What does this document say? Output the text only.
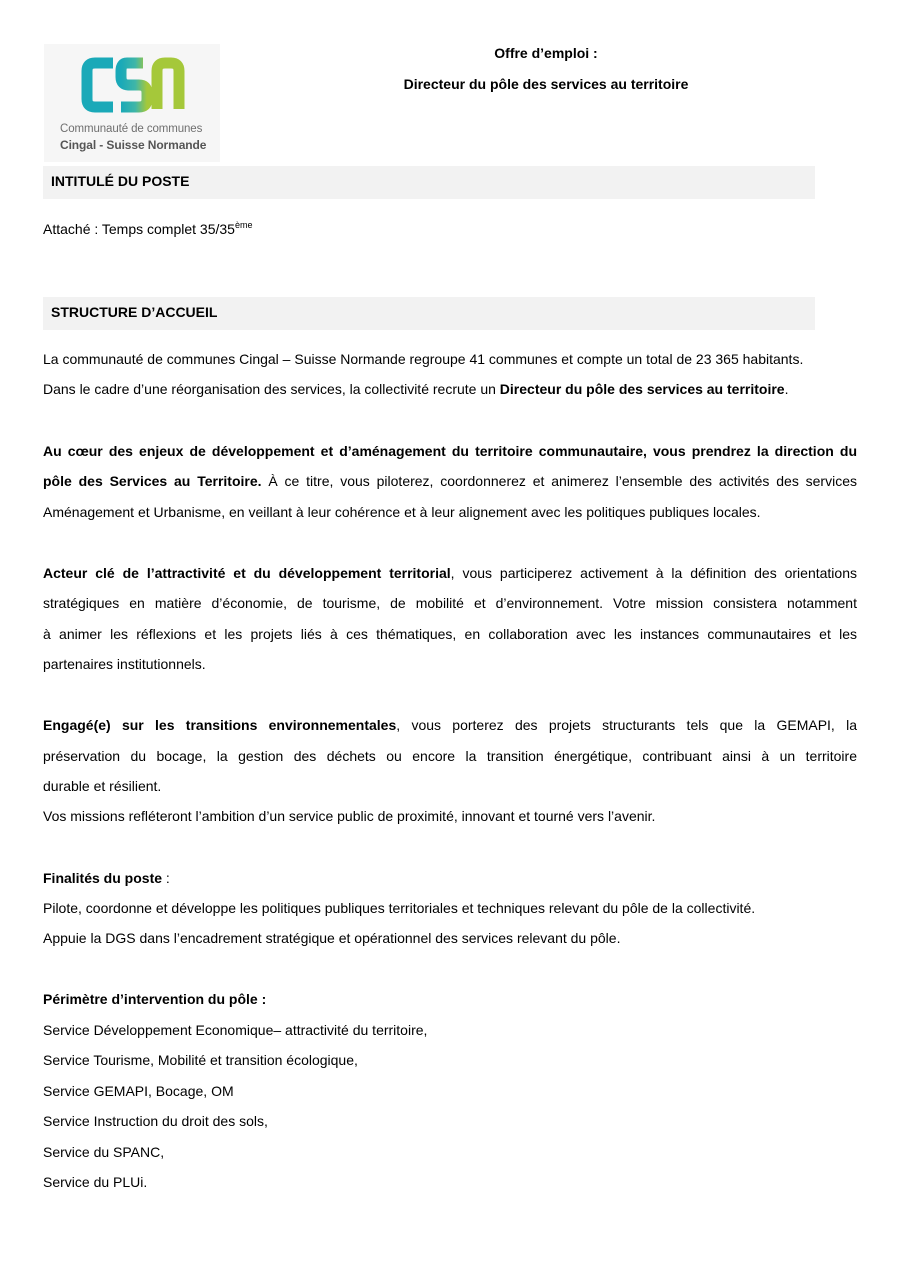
Communauté de communes
Cingal - Suisse Normande
Offre d’emploi :
Directeur du pôle des services au territoire
INTITULÉ DU POSTE
Attaché : Temps complet 35/35ème
STRUCTURE D’ACCUEIL
La communauté de communes Cingal – Suisse Normande regroupe 41 communes et compte un total de 23 365 habitants.
Dans le cadre d’une réorganisation des services, la collectivité recrute un Directeur du pôle des services au territoire.
Au cœur des enjeux de développement et d’aménagement du territoire communautaire, vous prendrez la direction du
pôle des Services au Territoire. À ce titre, vous piloterez, coordonnerez et animerez l’ensemble des activités des services
Aménagement et Urbanisme, en veillant à leur cohérence et à leur alignement avec les politiques publiques locales.
Acteur clé de l’attractivité et du développement territorial, vous participerez activement à la définition des orientations
stratégiques en matière d’économie, de tourisme, de mobilité et d’environnement. Votre mission consistera notamment
à animer les réflexions et les projets liés à ces thématiques, en collaboration avec les instances communautaires et les
partenaires institutionnels.
Engagé(e) sur les transitions environnementales, vous porterez des projets structurants tels que la GEMAPI, la
préservation du bocage, la gestion des déchets ou encore la transition énergétique, contribuant ainsi à un territoire
durable et résilient.
Vos missions refléteront l’ambition d’un service public de proximité, innovant et tourné vers l’avenir.
Finalités du poste :
Pilote, coordonne et développe les politiques publiques territoriales et techniques relevant du pôle de la collectivité.
Appuie la DGS dans l’encadrement stratégique et opérationnel des services relevant du pôle.
Périmètre d’intervention du pôle :
Service Développement Economique– attractivité du territoire,
Service Tourisme, Mobilité et transition écologique,
Service GEMAPI, Bocage, OM
Service Instruction du droit des sols,
Service du SPANC,
Service du PLUi.
